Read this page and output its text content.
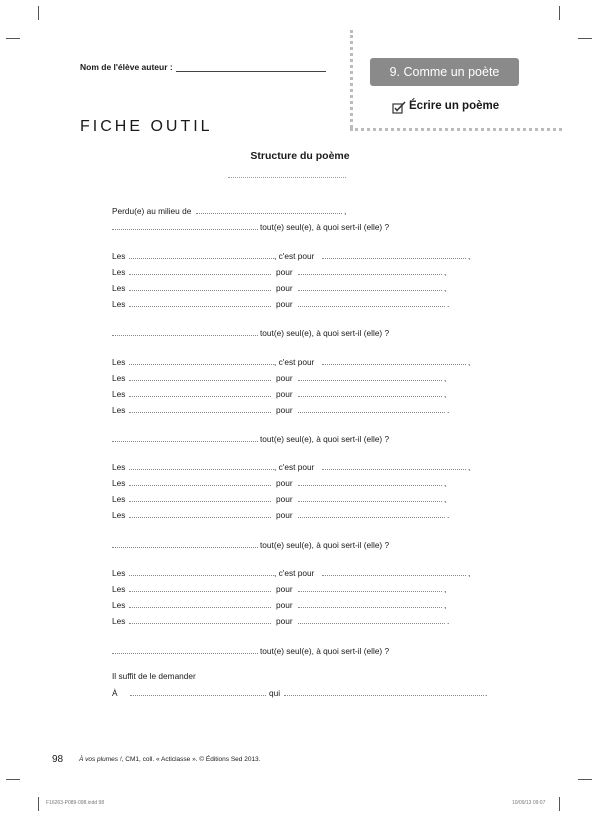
Nom de l'élève auteur :	9. Comme un poète
Écrire un poème
FICHE OUTIL
Structure du poème
Perdu(e) au milieu de	,
tout(e) seul(e), à quoi sert-il (elle) ?
Les	, c'est pour	,
Les	pour	,
Les	pour	,
Les	pour	.
tout(e) seul(e), à quoi sert-il (elle) ?
Les	, c'est pour	,
Les	pour	,
Les	pour	,
Les	pour	.
tout(e) seul(e), à quoi sert-il (elle) ?
Les	, c'est pour	,
Les	pour	,
Les	pour	,
Les	pour	.
tout(e) seul(e), à quoi sert-il (elle) ?
Les	, c'est pour	,
Les	pour	,
Les	pour	,
Les	pour	.
tout(e) seul(e), à quoi sert-il (elle) ?
Il suffit de le demander
À	qui	.
98 À vos plumes !, CM1, coll. « Acticlasse ». © Éditions Sed 2013.
F16263-P089-098.indd 98	10/09/13 09:07
